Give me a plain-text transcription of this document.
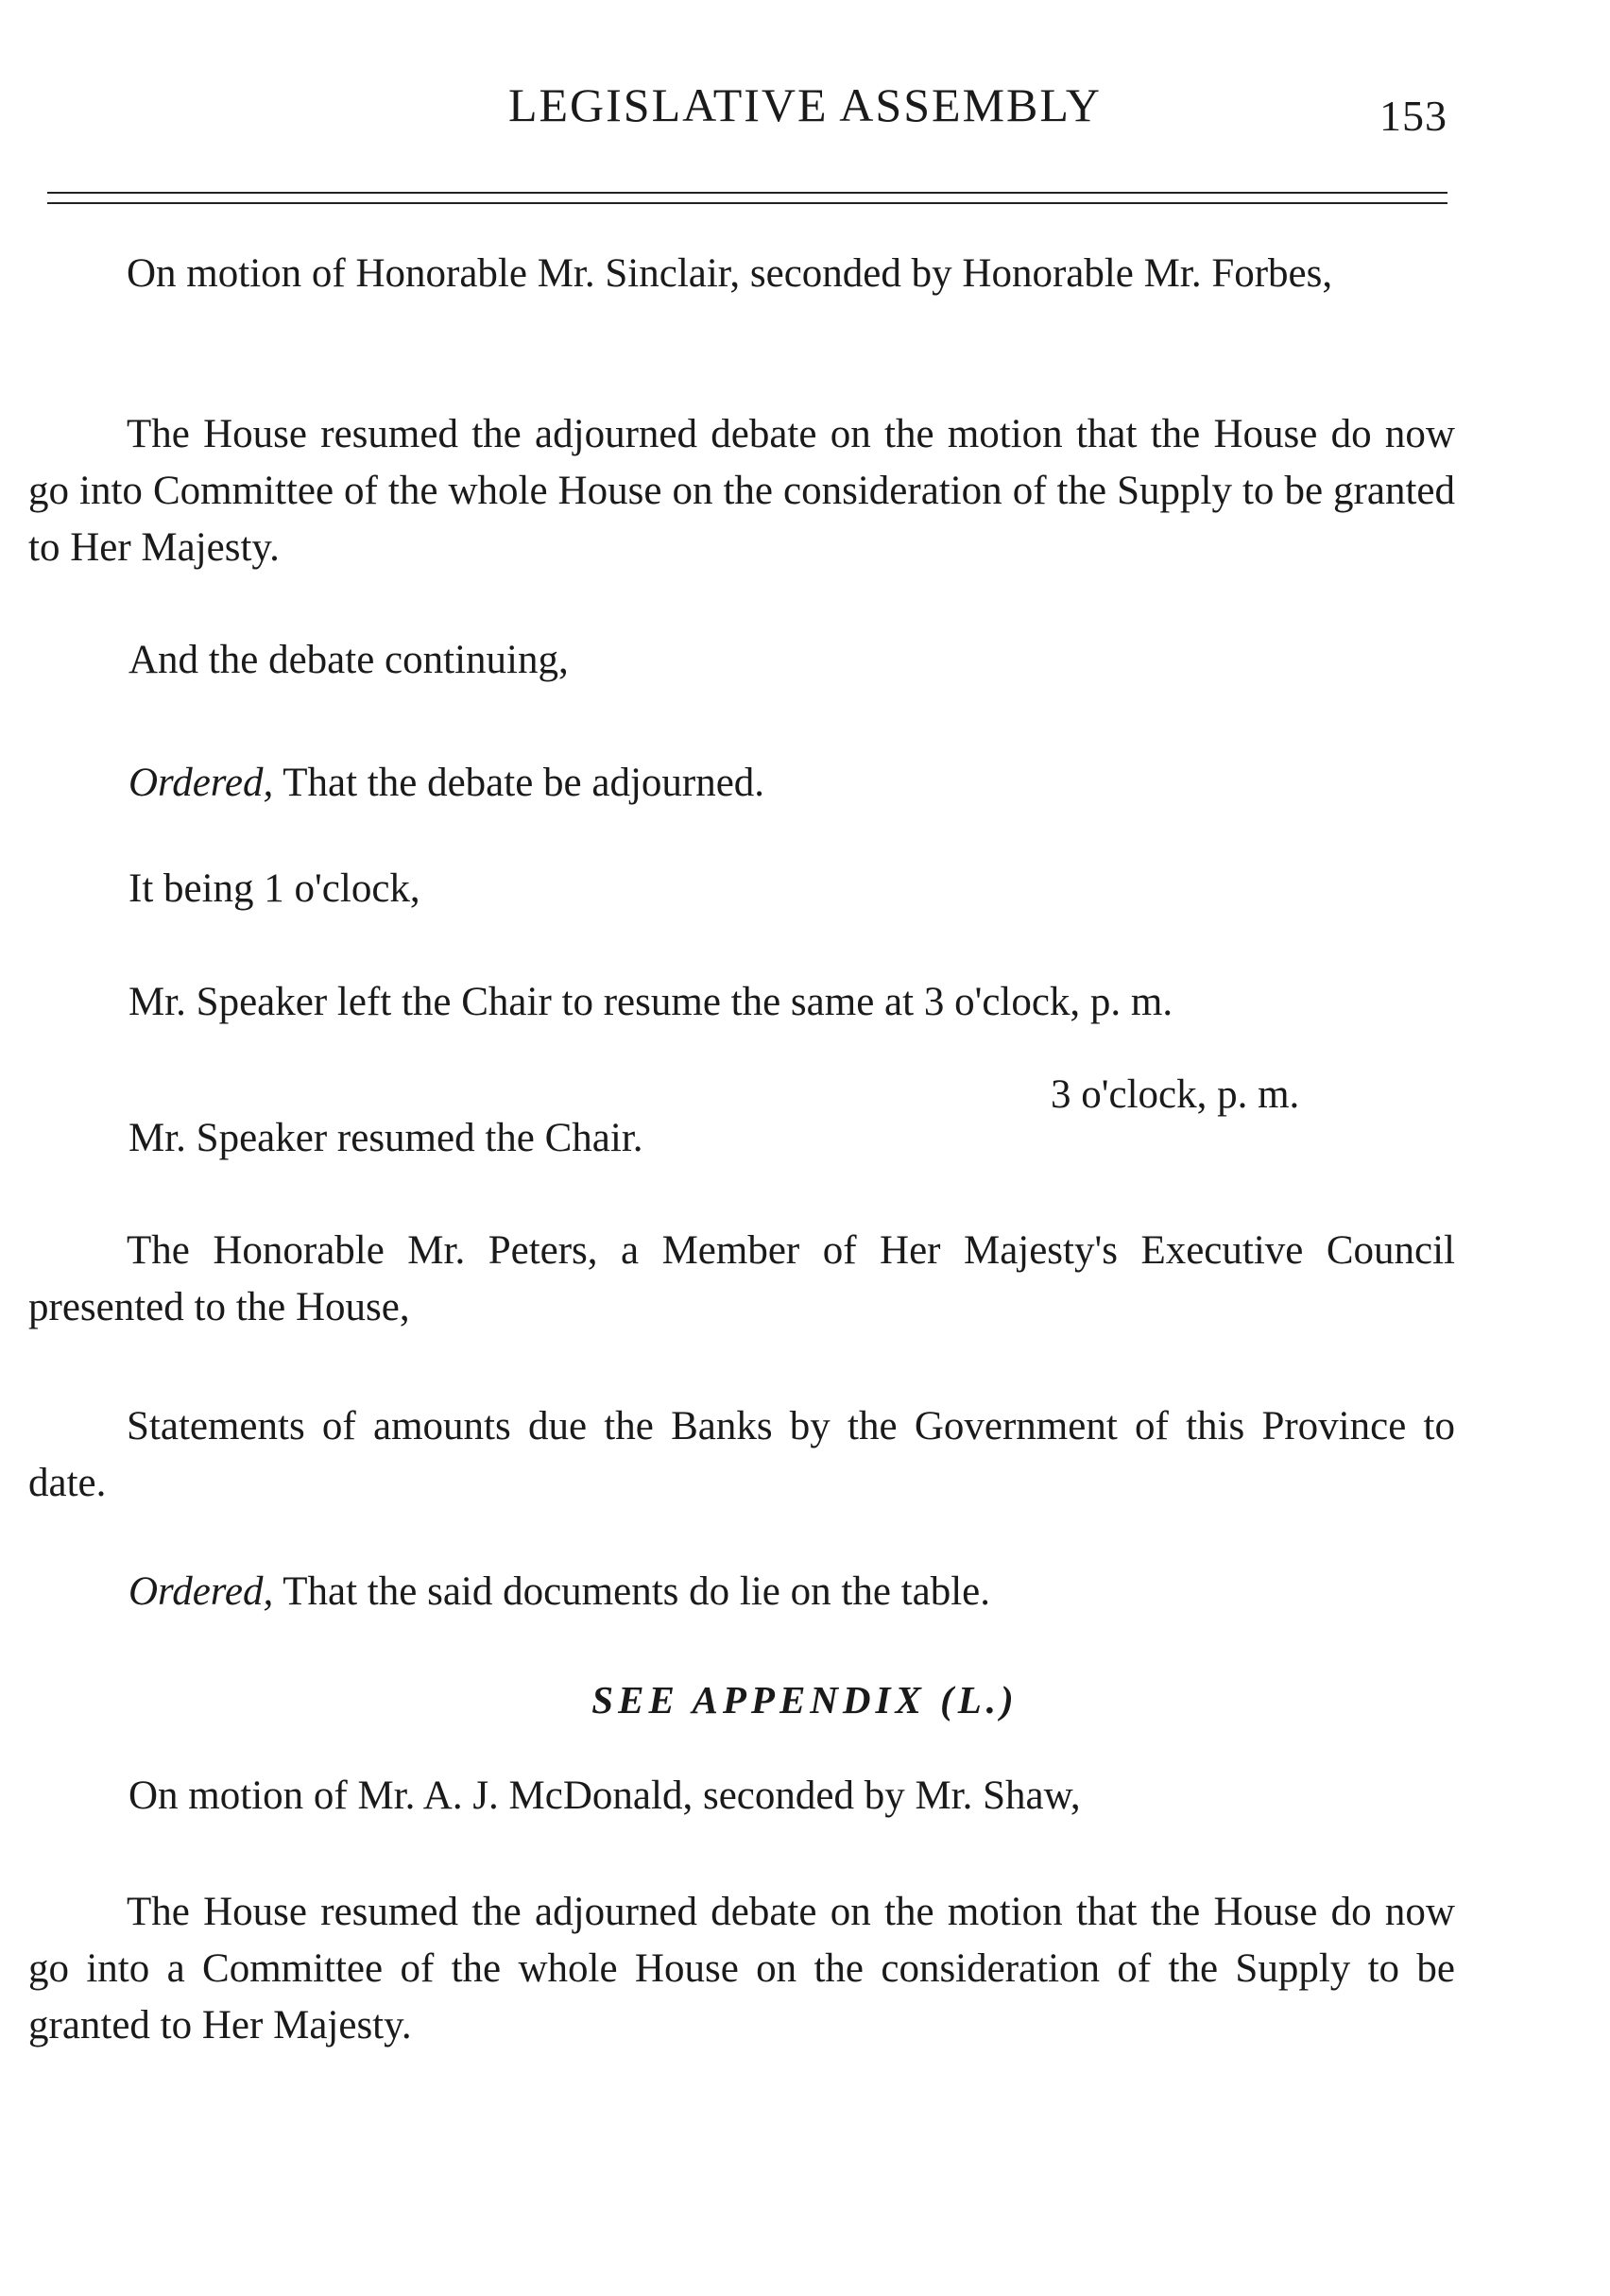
LEGISLATIVE ASSEMBLY	153
On motion of Honorable Mr. Sinclair, seconded by Honorable Mr. Forbes,
The House resumed the adjourned debate on the motion that the House do now go into Committee of the whole House on the consideration of the Supply to be granted to Her Majesty.
And the debate continuing,
Ordered, That the debate be adjourned.
It being 1 o'clock,
Mr. Speaker left the Chair to resume the same at 3 o'clock, p. m.
3 o'clock, p. m.
Mr. Speaker resumed the Chair.
The Honorable Mr. Peters, a Member of Her Majesty's Executive Council presented to the House,
Statements of amounts due the Banks by the Government of this Province to date.
Ordered, That the said documents do lie on the table.
SEE APPENDIX (L.)
On motion of Mr. A. J. McDonald, seconded by Mr. Shaw,
The House resumed the adjourned debate on the motion that the House do now go into a Committee of the whole House on the consideration of the Supply to be granted to Her Majesty.
